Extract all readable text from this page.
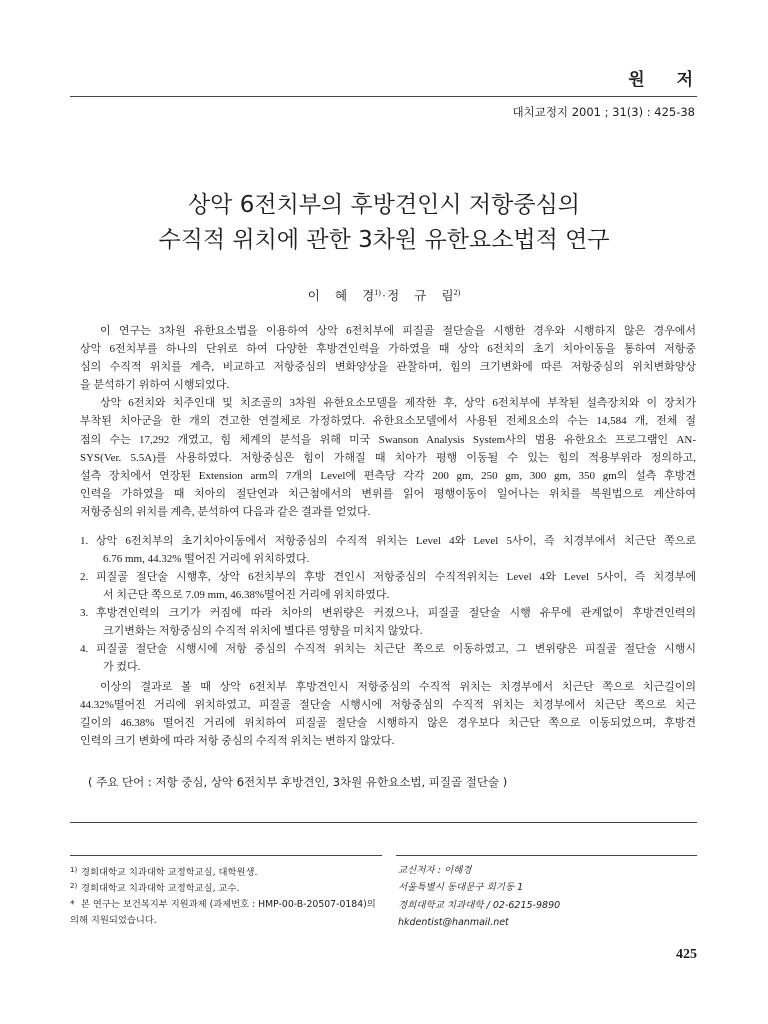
원 저
대치교정지 2001 ; 31(3) : 425-38
상악 6전치부의 후방견인시 저항중심의
수직적 위치에 관한 3차원 유한요소법적 연구
이 혜 경$^{1)}$·정 규 림$^{2)}$
이 연구는 3차원 유한요소법을 이용하여 상악 6전치부에 피질골 절단술을 시행한 경우와 시행하지 않은 경우에서
상악 6전치부를 하나의 단위로 하여 다양한 후방견인력을 가하였을 때 상악 6전치의 초기 치아이동을 통하여 저항중
심의 수직적 위치를 계측, 비교하고 저항중심의 변화양상을 관찰하며, 힘의 크기변화에 따른 저항중심의 위치변화양상
을 분석하기 위하여 시행되었다.
상악 6전치와 치주인대 및 치조골의 3차원 유한요소모델을 제작한 후, 상악 6전치부에 부착된 설측장치와 이 장치가
부착된 치아군을 한 개의 견고한 연결체로 가정하였다. 유한요소모델에서 사용된 전체요소의 수는 14,584 개, 전체 절
점의 수는 17,292 개였고, 힘 체계의 분석을 위해 미국 Swanson Analysis System사의 범용 유한요소 프로그램인 AN-
SYS(Ver. 5.5A)를 사용하였다. 저항중심은 힘이 가해질 때 치아가 평행 이동될 수 있는 힘의 적용부위라 정의하고,
설측 장치에서 연장된 Extension arm의 7개의 Level에 편측당 각각 200 gm, 250 gm, 300 gm, 350 gm의 설측 후방견
인력을 가하였을 때 치아의 절단연과 치근첨에서의 변위를 읽어 평행이동이 일어나는 위치를 복원법으로 계산하여
저항중심의 위치를 계측, 분석하여 다음과 같은 결과를 얻었다.
1. 상악 6전치부의 초기치아이동에서 저항중심의 수직적 위치는 Level 4와 Level 5사이, 즉 치경부에서 치근단 쪽으로
6.76 mm, 44.32% 떨어진 거리에 위치하였다.
2. 피질골 절단술 시행후, 상악 6전치부의 후방 견인시 저항중심의 수직적위치는 Level 4와 Level 5사이, 즉 치경부에
서 치근단 쪽으로 7.09 mm, 46.38%떨어진 거리에 위치하였다.
3. 후방견인력의 크기가 커짐에 따라 치아의 변위량은 커졌으나, 피질골 절단술 시행 유무에 관계없이 후방견인력의
크기변화는 저항중심의 수직적 위치에 별다른 영향을 미치지 않았다.
4. 피질골 절단술 시행시에 저항 중심의 수직적 위치는 치근단 쪽으로 이동하였고, 그 변위량은 피질골 절단술 시행시
가 컸다.
이상의 결과로 볼 때 상악 6전치부 후방견인시 저항중심의 수직적 위치는 치경부에서 치근단 쪽으로 치근길이의
44.32%떨어진 거리에 위치하였고, 피질골 절단술 시행시에 저항중심의 수직적 위치는 치경부에서 치근단 쪽으로 치근
길이의 46.38% 떨어진 거리에 위치하여 피질골 절단술 시행하지 않은 경우보다 치근단 쪽으로 이동되었으며, 후방견
인력의 크기 변화에 따라 저항 중심의 수직적 위치는 변하지 않았다.
( 주요 단어 : 저항 중심, 상악 6전치부 후방견인, 3차원 유한요소법, 피질골 절단술 )
1) 경희대학교 치과대학 교정학교실, 대학원생.
2) 경희대학교 치과대학 교정학교실, 교수.
* 본 연구는 보건복지부 지원과제 (과제번호 : HMP-00-B-20507-0184)의
의해 지원되었습니다.
교신저자 : 이혜경
서울특별시 동대문구 회기동 1
경희대학교 치과대학 / 02-6215-9890
hkdentist@hanmail.net
425
